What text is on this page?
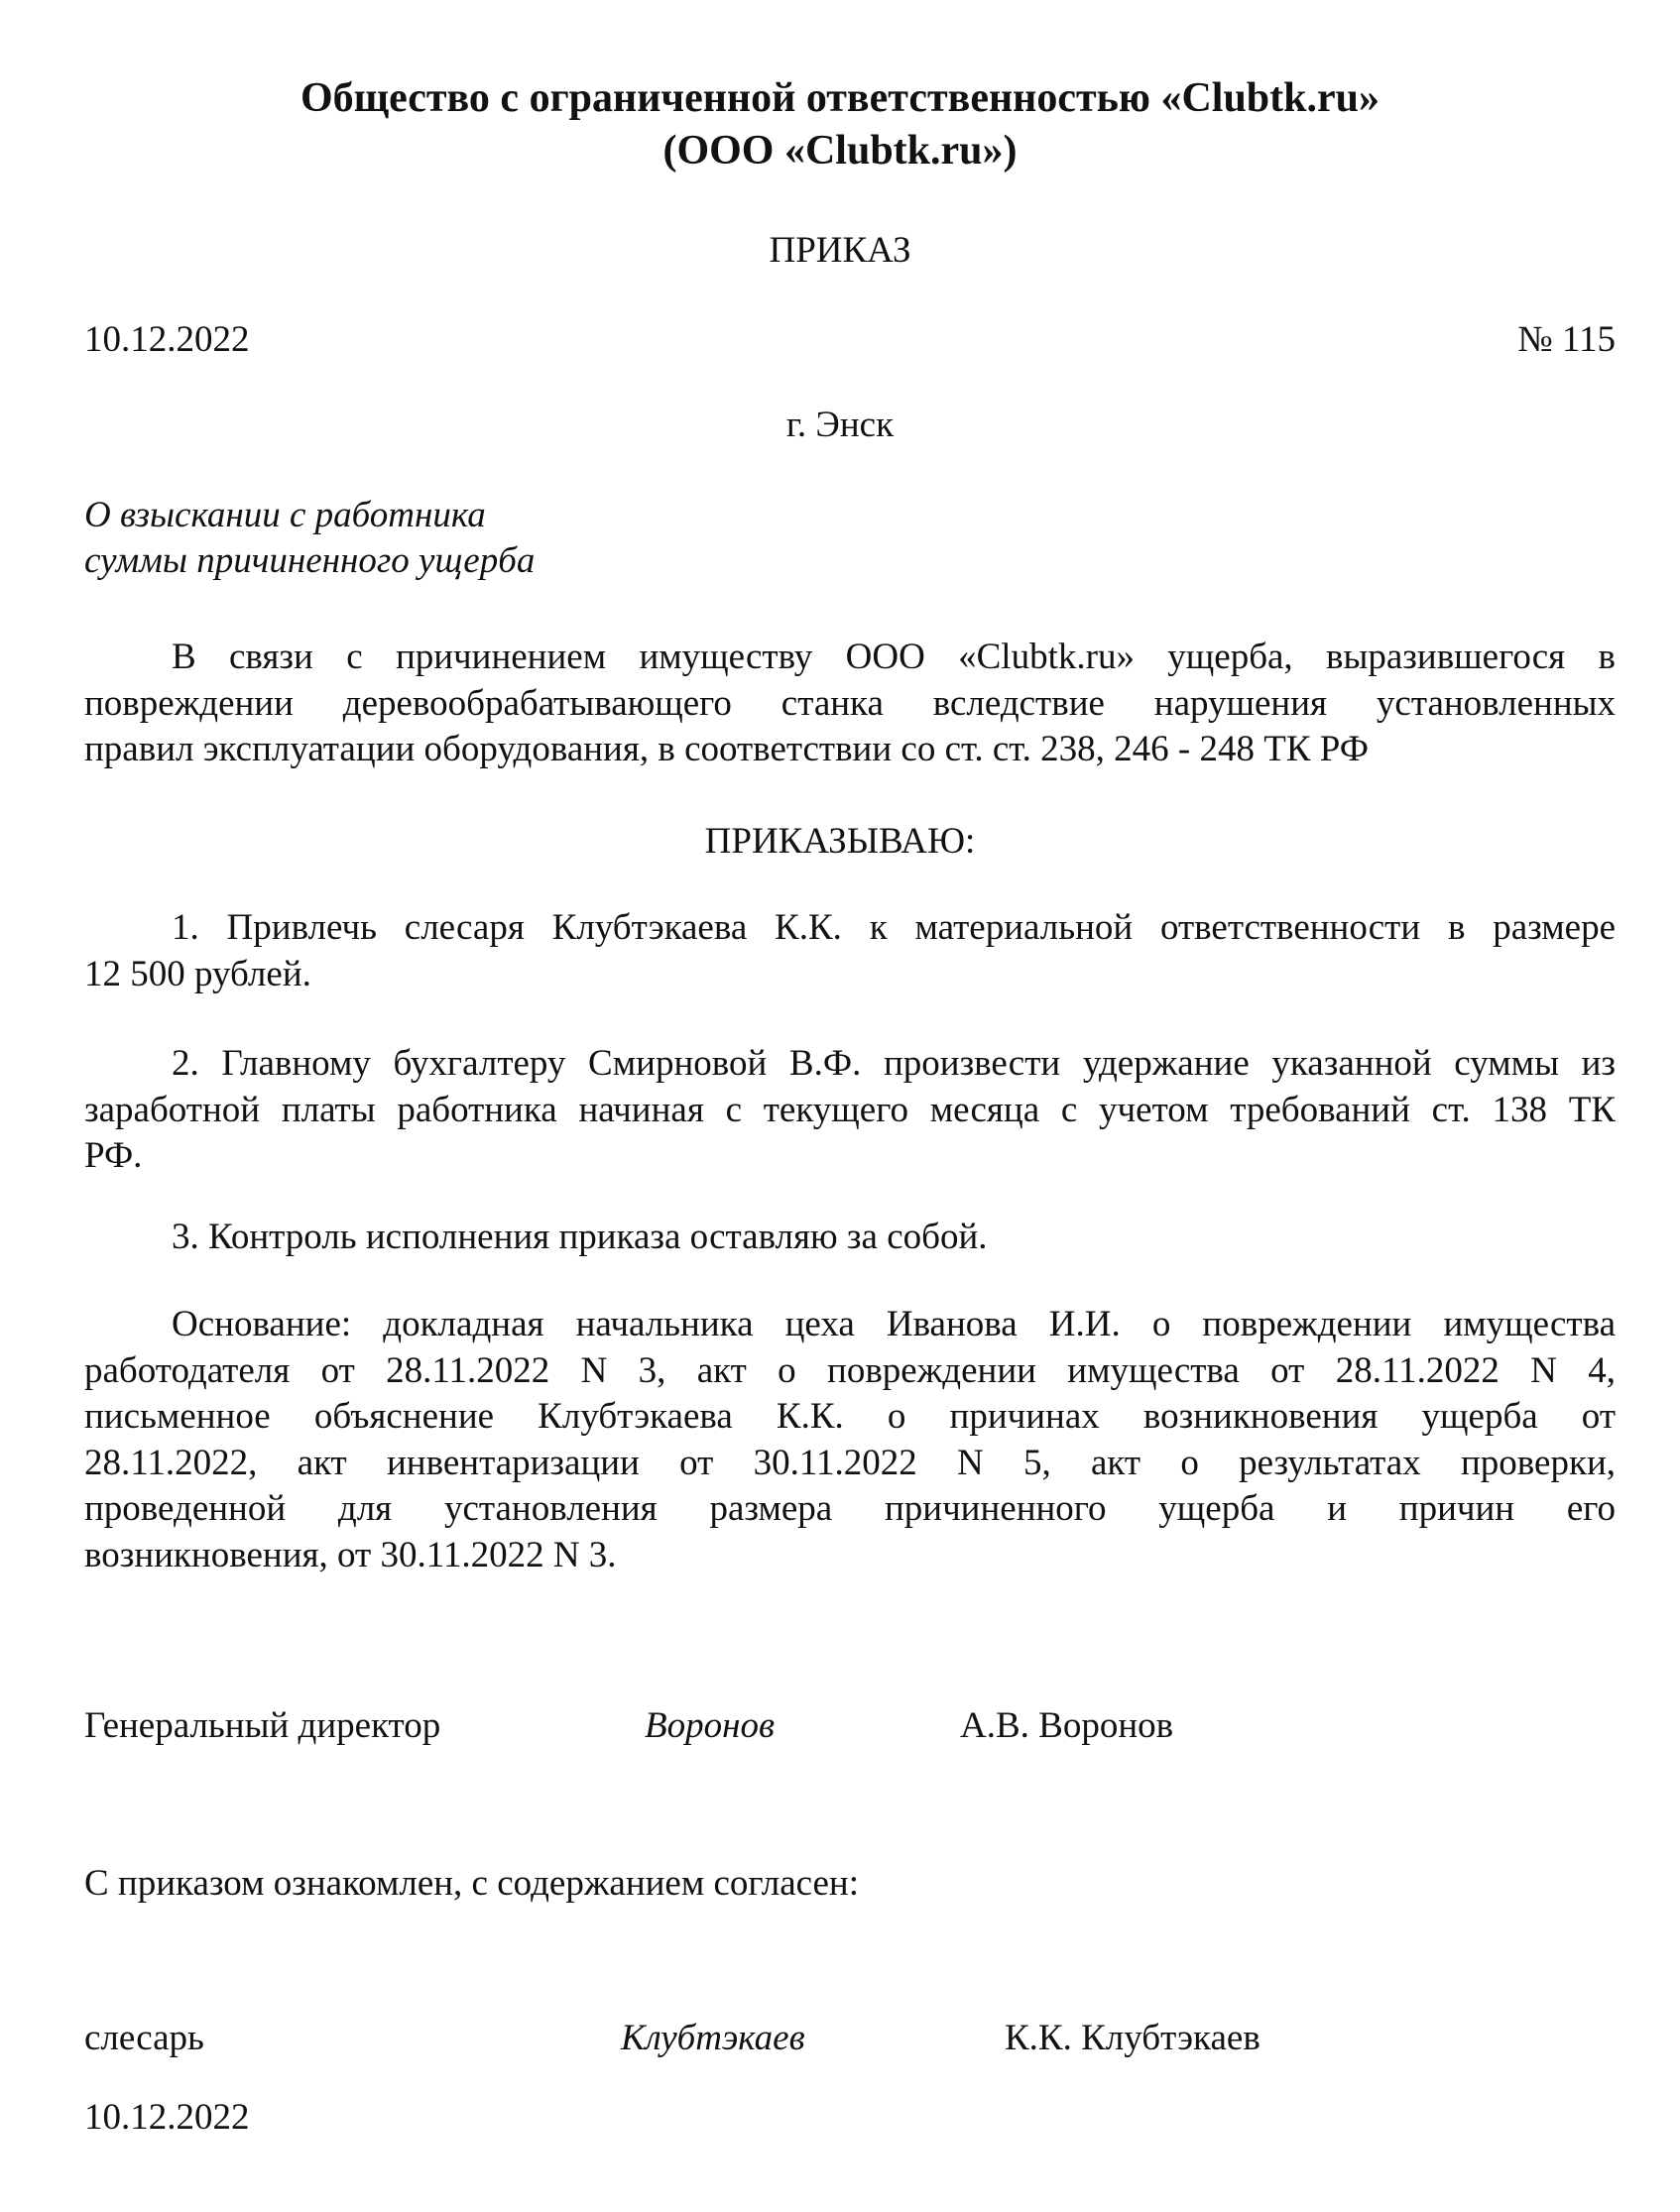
Общество с ограниченной ответственностью «Clubtk.ru»
(ООО «Clubtk.ru»)
ПРИКАЗ
10.12.2022	№ 115
г. Энск
О взыскании с работника
суммы причиненного ущерба
В связи с причинением имуществу ООО «Clubtk.ru» ущерба, выразившегося в
повреждении деревообрабатывающего станка вследствие нарушения установленных
правил эксплуатации оборудования, в соответствии со ст. ст. 238, 246 - 248 ТК РФ
ПРИКАЗЫВАЮ:
1. Привлечь слесаря Клубтэкаева К.К. к материальной ответственности в размере
12 500 рублей.
2. Главному бухгалтеру Смирновой В.Ф. произвести удержание указанной суммы из
заработной платы работника начиная с текущего месяца с учетом требований ст. 138 ТК
РФ.
3. Контроль исполнения приказа оставляю за собой.
Основание: докладная начальника цеха Иванова И.И. о повреждении имущества
работодателя от 28.11.2022 N 3, акт о повреждении имущества от 28.11.2022 N 4,
письменное объяснение Клубтэкаева К.К. о причинах возникновения ущерба от
28.11.2022, акт инвентаризации от 30.11.2022 N 5, акт о результатах проверки,
проведенной для установления размера причиненного ущерба и причин его
возникновения, от 30.11.2022 N 3.
Генеральный директор	Воронов	А.В. Воронов
С приказом ознакомлен, с содержанием согласен:
слесарь	Клубтэкаев	К.К. Клубтэкаев
10.12.2022
